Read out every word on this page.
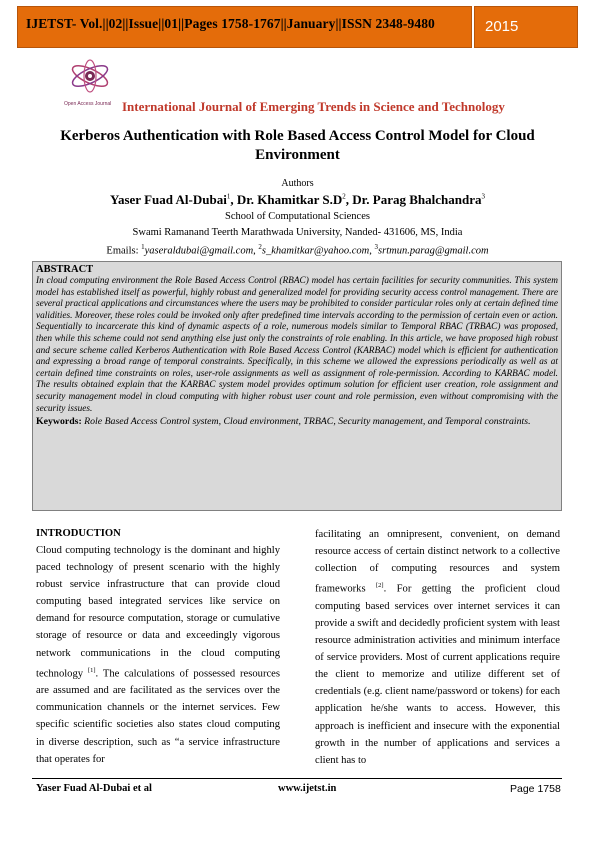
IJETST- Vol.||02||Issue||01||Pages 1758-1767||January||ISSN 2348-9480	2015
Open Access Journal International Journal of Emerging Trends in Science and Technology
Kerberos Authentication with Role Based Access Control Model for Cloud Environment
Authors
Yaser Fuad Al-Dubai$^1$, Dr. Khamitkar $S.D^2$, Dr. Parag Bhalchandra$^3$
School of Computational Sciences
Swami Ramanand Teerth Marathwada University, Nanded- 431606, MS, India
Emails: $^1$yaseraldubai@gmail.com, $^2$s_khamitkar@yahoo.com, $^3$srtmun.parag@gmail.com
ABSTRACT
In cloud computing environment the Role Based Access Control (RBAC) model has certain facilities for security communities. This system model has established itself as powerful, highly robust and generalized model for providing security access control management. There are several practical applications and circumstances where the users may be prohibited to consider particular roles only at certain defined time validities. Moreover, these roles could be invoked only after predefined time intervals according to the permission of certain even or action. Sequentially to incarcerate this kind of dynamic aspects of a role, numerous models similar to Temporal RBAC (TRBAC) was proposed, then while this scheme could not send anything else just only the constraints of role enabling. In this article, we have proposed high robust and secure scheme called Kerberos Authentication with Role Based Access Control (KARBAC) model which is efficient for authentication and expressing a broad range of temporal constraints. Specifically, in this scheme we allowed the expressions periodically as well as at certain defined time constraints on roles, user-role assignments as well as assignment of role-permission. According to KARBAC model. The results obtained explain that the KARBAC system model provides optimum solution for efficient user creation, role assignment and security management model in cloud computing with higher robust user count and role permission, even without compromising with the security issues.
Keywords: Role Based Access Control system, Cloud environment, TRBAC, Security management, and Temporal constraints.
INTRODUCTION

Cloud computing technology is the dominant and highly paced technology of present scenario with the highly robust service infrastructure that can provide cloud computing based integrated services like service on demand for resource computation, storage or cumulative storage of resource or data and exceedingly vigorous network communications in the cloud computing technology [1]. The calculations of possessed resources are assumed and are facilitated as the services over the communication channels or the internet services. Few specific scientific societies also states cloud computing in diverse description, such as “a service infrastructure that operates for

facilitating an omnipresent, convenient, on demand resource access of certain distinct network to a collective collection of computing resources and system frameworks [2]. For getting the proficient cloud computing based services over internet services it can provide a swift and decidedly proficient system with least resource administration activities and minimum interface of service providers. Most of current applications require the client to memorize and utilize different set of credentials (e.g. client name/password or tokens) for each application he/she wants to access. However, this approach is inefficient and insecure with the exponential growth in the number of applications and services a client has to

Yaser Fuad Al-Dubai et al	www.ijetst.in	Page 1758
